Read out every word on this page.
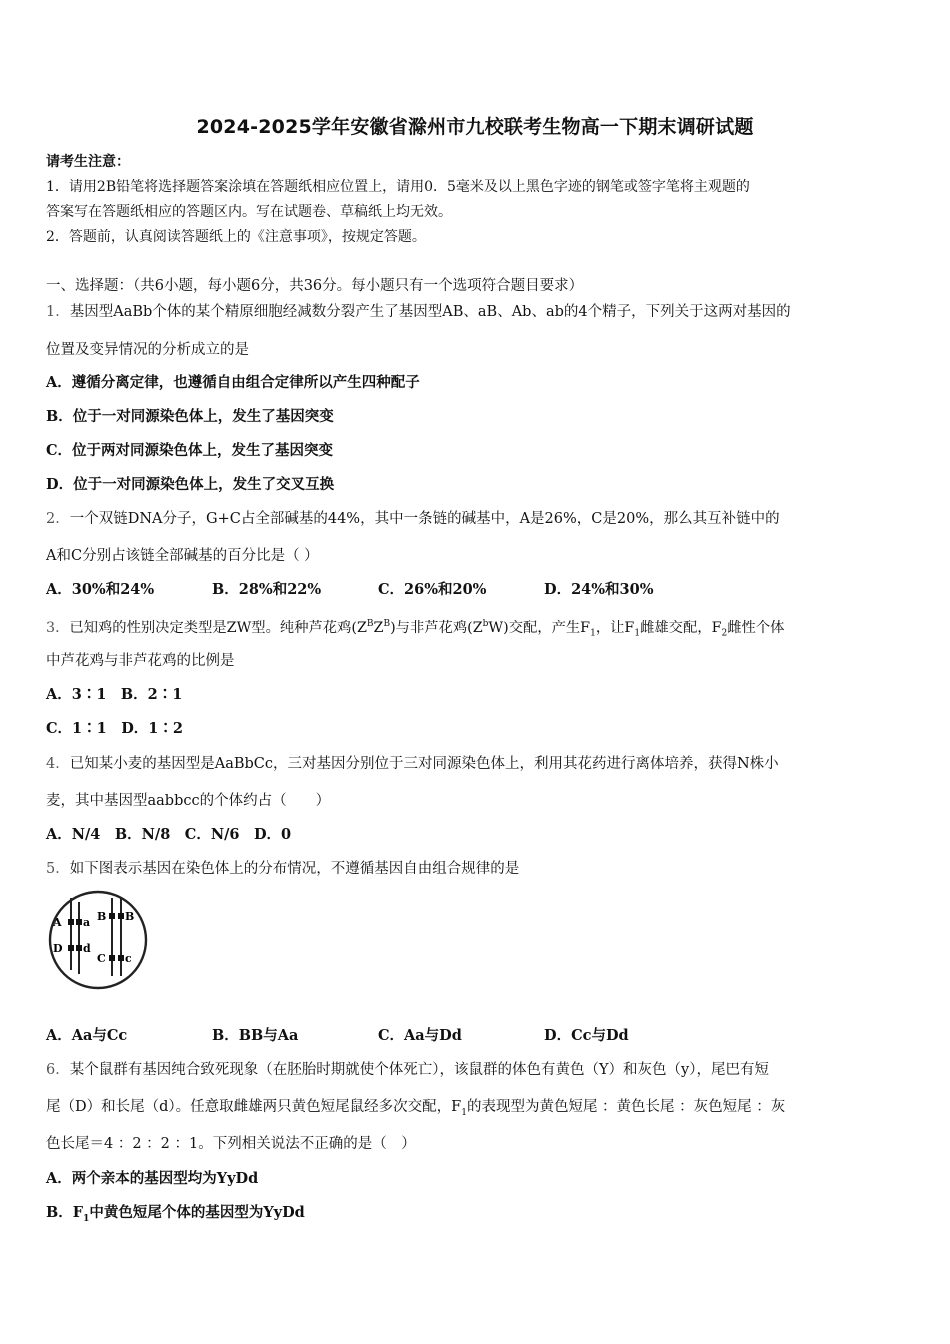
2024-2025学年安徽省滁州市九校联考生物高一下期末调研试题
请考生注意：
1．请用2B铅笔将选择题答案涂填在答题纸相应位置上，请用0．5毫米及以上黑色字迹的钢笔或签字笔将主观题的
答案写在答题纸相应的答题区内。写在试题卷、草稿纸上均无效。
2．答题前，认真阅读答题纸上的《注意事项》，按规定答题。
一、选择题：（共6小题，每小题6分，共36分。每小题只有一个选项符合题目要求）
1．基因型AaBb个体的某个精原细胞经减数分裂产生了基因型AB、aB、Ab、ab的4个精子，下列关于这两对基因的
位置及变异情况的分析成立的是
A．遵循分离定律，也遵循自由组合定律所以产生四种配子
B．位于一对同源染色体上，发生了基因突变
C．位于两对同源染色体上，发生了基因突变
D．位于一对同源染色体上，发生了交叉互换
2．一个双链DNA分子，G+C占全部碱基的44%，其中一条链的碱基中，A是26%，C是20%，那么其互补链中的
A和C分别占该链全部碱基的百分比是（ ）
A．30%和24%	B．28%和22%	C．26%和20%	D．24%和30%
3．已知鸡的性别决定类型是ZW型。纯种芦花鸡$(Z^BZ^B)$与非芦花鸡$(Z^bW)$交配，产生$F_1$，让$F_1$雌雄交配，$F_2$雌性个体
中芦花鸡与非芦花鸡的比例是
A．3∶1　B．2∶1
C．1∶1　D．1∶2
4．已知某小麦的基因型是AaBbCc，三对基因分别位于三对同源染色体上，利用其花药进行离体培养，获得N株小
麦，其中基因型aabbcc的个体约占（　　）
A．N/4　B．N/8　C．N/6　D．0
5．如下图表示基因在染色体上的分布情况，不遵循基因自由组合规律的是
A a
D d
B B
C c
A．Aa与Cc	B．BB与Aa	C．Aa与Dd	D．Cc与Dd
6．某个鼠群有基因纯合致死现象（在胚胎时期就使个体死亡），该鼠群的体色有黄色（Y）和灰色（y），尾巴有短
尾（D）和长尾（d）。任意取雌雄两只黄色短尾鼠经多次交配，$F_1$的表现型为黄色短尾 ：黄色长尾 ：灰色短尾 ：灰
色长尾＝4 ：2 ：2 ：1。下列相关说法不正确的是（　）
A．两个亲本的基因型均为YyDd
B．$F_1$中黄色短尾个体的基因型为YyDd
